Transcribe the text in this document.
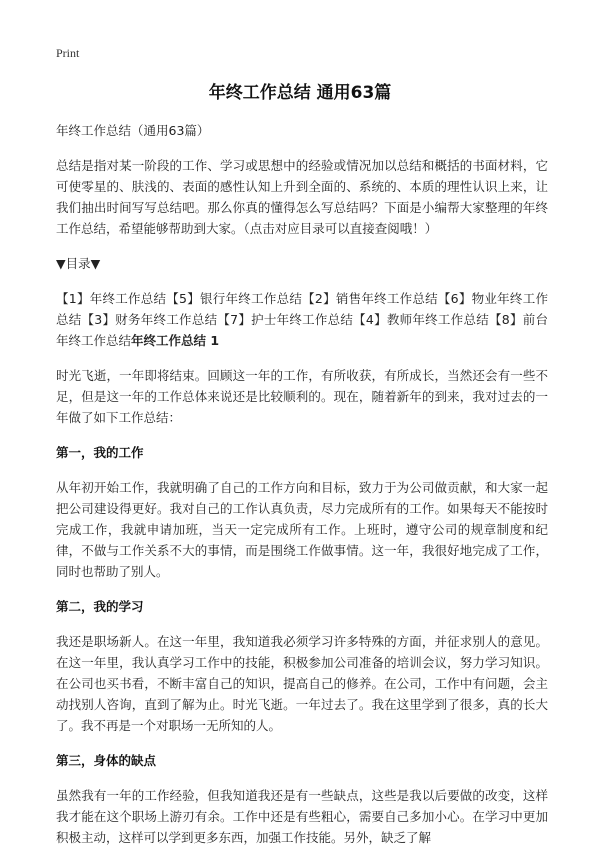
Print
年终工作总结 通用63篇

年终工作总结（通用63篇）

总结是指对某一阶段的工作、学习或思想中的经验或情况加以总结和概括的书面材料，它可使零星的、肤浅的、表面的感性认知上升到全面的、系统的、本质的理性认识上来，让我们抽出时间写写总结吧。那么你真的懂得怎么写总结吗？下面是小编帮大家整理的年终工作总结，希望能够帮助到大家。（点击对应目录可以直接查阅哦！）

▼目录▼

【1】年终工作总结【5】银行年终工作总结【2】销售年终工作总结【6】物业年终工作总结【3】财务年终工作总结【7】护士年终工作总结【4】教师年终工作总结【8】前台年终工作总结年终工作总结 1

时光飞逝，一年即将结束。回顾这一年的工作，有所收获，有所成长，当然还会有一些不足，但是这一年的工作总体来说还是比较顺利的。现在，随着新年的到来，我对过去的一年做了如下工作总结：

第一，我的工作

从年初开始工作，我就明确了自己的工作方向和目标，致力于为公司做贡献，和大家一起把公司建设得更好。我对自己的工作认真负责，尽力完成所有的工作。如果每天不能按时完成工作，我就申请加班，当天一定完成所有工作。上班时，遵守公司的规章制度和纪律，不做与工作关系不大的事情，而是围绕工作做事情。这一年，我很好地完成了工作，同时也帮助了别人。

第二，我的学习

我还是职场新人。在这一年里，我知道我必须学习许多特殊的方面，并征求别人的意见。在这一年里，我认真学习工作中的技能，积极参加公司准备的培训会议，努力学习知识。在公司也买书看，不断丰富自己的知识，提高自己的修养。在公司，工作中有问题，会主动找别人咨询，直到了解为止。时光飞逝。一年过去了。我在这里学到了很多，真的长大了。我不再是一个对职场一无所知的人。

第三，身体的缺点

虽然我有一年的工作经验，但我知道我还是有一些缺点，这些是我以后要做的改变，这样我才能在这个职场上游刃有余。工作中还是有些粗心，需要自己多加小心。在学习中更加积极主动，这样可以学到更多东西，加强工作技能。另外，缺乏了解
